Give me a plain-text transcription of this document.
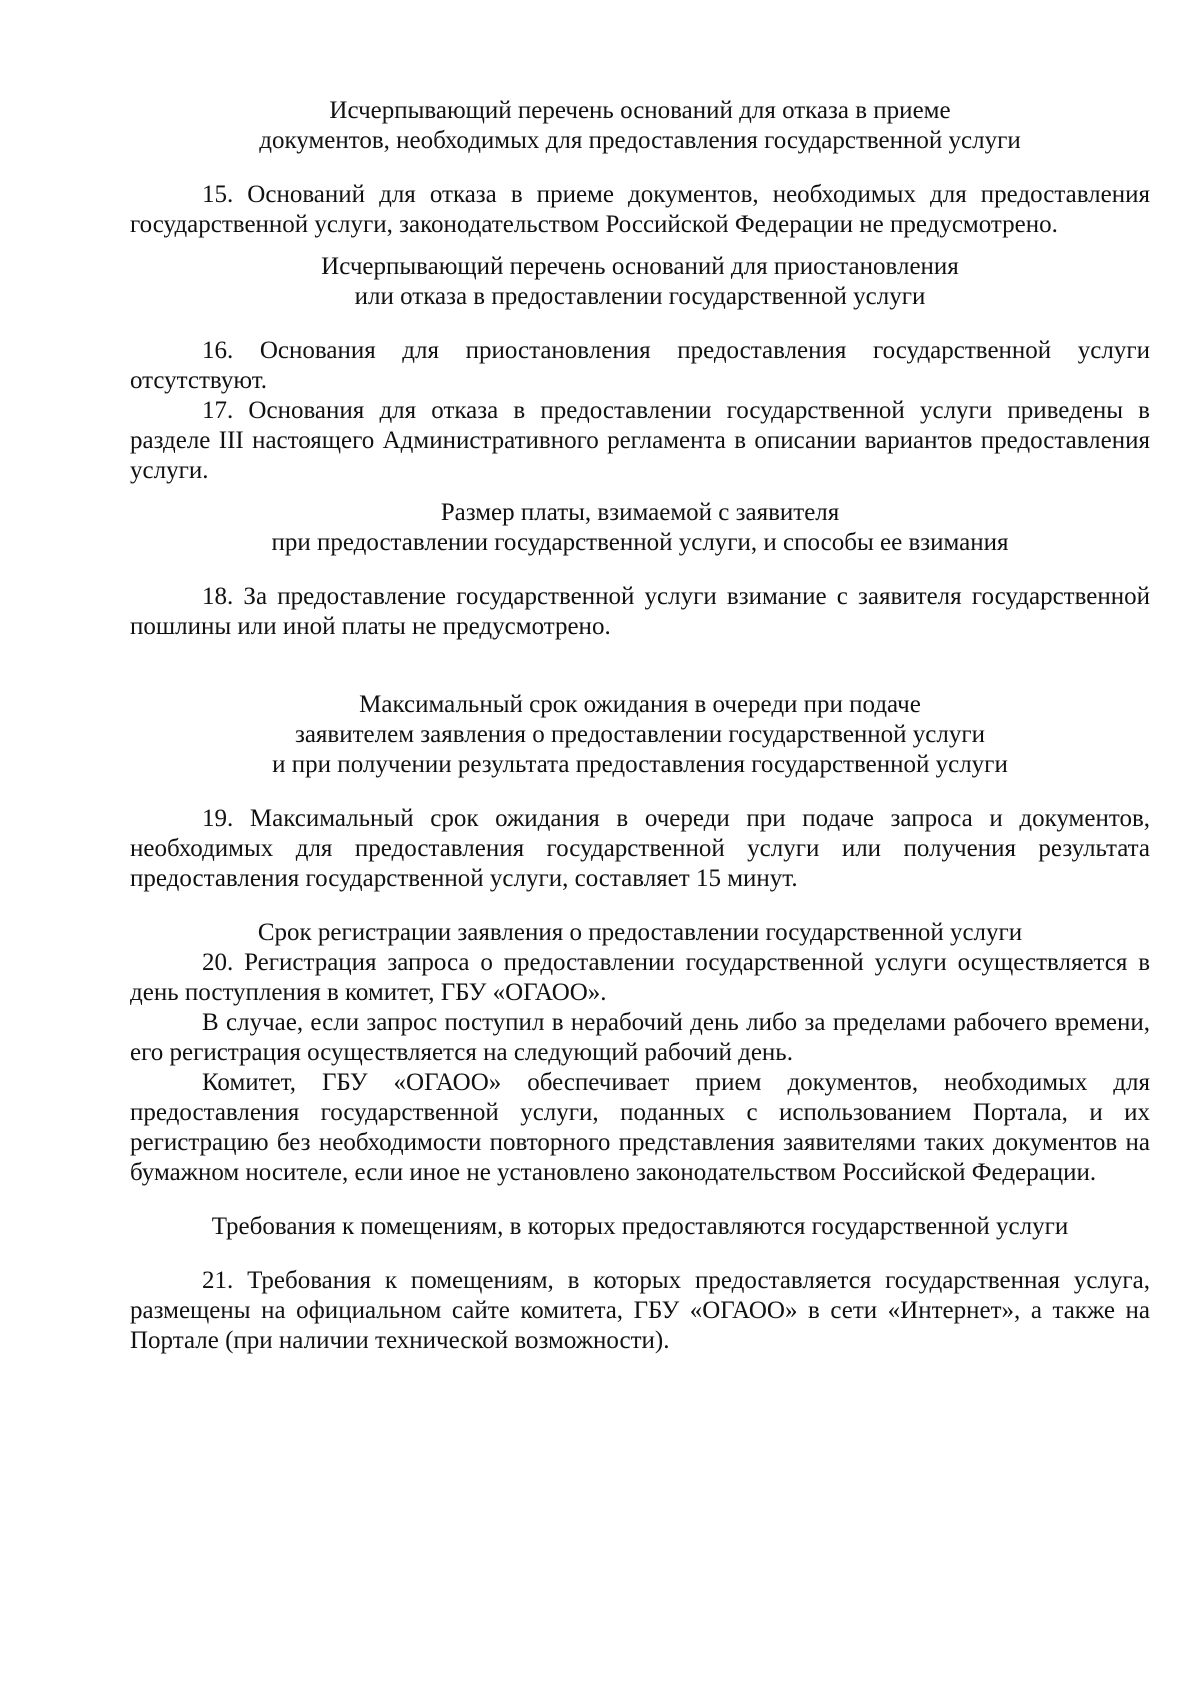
Исчерпывающий перечень оснований для отказа в приеме
документов, необходимых для предоставления государственной услуги

15. Оснований для отказа в приеме документов, необходимых для предоставления государственной услуги, законодательством Российской Федерации не предусмотрено.

Исчерпывающий перечень оснований для приостановления
или отказа в предоставлении государственной услуги

16. Основания для приостановления предоставления государственной услуги отсутствуют.

17. Основания для отказа в предоставлении государственной услуги приведены в разделе III настоящего Административного регламента в описании вариантов предоставления услуги.

Размер платы, взимаемой с заявителя
при предоставлении государственной услуги, и способы ее взимания

18. За предоставление государственной услуги взимание с заявителя государственной пошлины или иной платы не предусмотрено.

Максимальный срок ожидания в очереди при подаче
заявителем заявления о предоставлении государственной услуги
и при получении результата предоставления государственной услуги

19. Максимальный срок ожидания в очереди при подаче запроса и документов, необходимых для предоставления государственной услуги или получения результата предоставления государственной услуги, составляет 15 минут.

Срок регистрации заявления о предоставлении государственной услуги

20. Регистрация запроса о предоставлении государственной услуги осуществляется в день поступления в комитет, ГБУ «ОГАОО».

В случае, если запрос поступил в нерабочий день либо за пределами рабочего времени, его регистрация осуществляется на следующий рабочий день.

Комитет, ГБУ «ОГАОО» обеспечивает прием документов, необходимых для предоставления государственной услуги, поданных с использованием Портала, и их регистрацию без необходимости повторного представления заявителями таких документов на бумажном носителе, если иное не установлено законодательством Российской Федерации.

Требования к помещениям, в которых предоставляются государственной услуги

21. Требования к помещениям, в которых предоставляется государственная услуга, размещены на официальном сайте комитета, ГБУ «ОГАОО» в сети «Интернет», а также на Портале (при наличии технической возможности).
